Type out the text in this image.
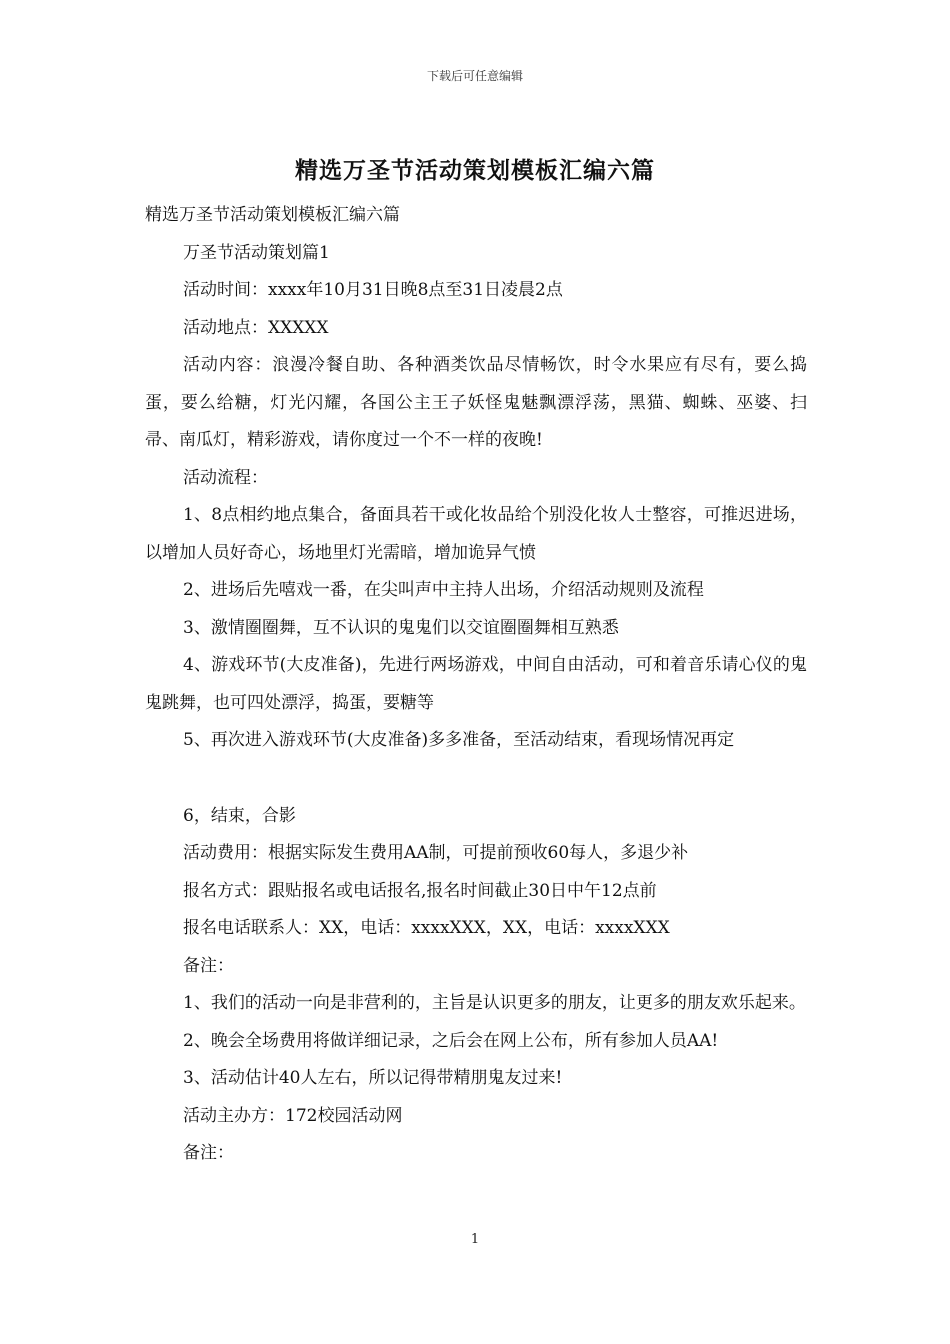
下载后可任意编辑
精选万圣节活动策划模板汇编六篇

精选万圣节活动策划模板汇编六篇

万圣节活动策划篇1

活动时间：xxxx年10月31日晚8点至31日凌晨2点

活动地点：XXXXX

活动内容：浪漫冷餐自助、各种酒类饮品尽情畅饮，时令水果应有尽有，要么捣蛋，要么给糖，灯光闪耀，各国公主王子妖怪鬼魅飘漂浮荡，黑猫、蜘蛛、巫婆、扫帚、南瓜灯，精彩游戏，请你度过一个不一样的夜晚!

活动流程：

1、8点相约地点集合，备面具若干或化妆品给个别没化妆人士整容，可推迟进场，以增加人员好奇心，场地里灯光需暗，增加诡异气愤

2、进场后先嘻戏一番，在尖叫声中主持人出场，介绍活动规则及流程

3、激情圈圈舞，互不认识的鬼鬼们以交谊圈圈舞相互熟悉

4、游戏环节(大皮准备)，先进行两场游戏，中间自由活动，可和着音乐请心仪的鬼鬼跳舞，也可四处漂浮，捣蛋，要糖等

5、再次进入游戏环节(大皮准备)多多准备，至活动结束，看现场情况再定

6，结束，合影

活动费用：根据实际发生费用AA制，可提前预收60每人，多退少补

报名方式：跟贴报名或电话报名,报名时间截止30日中午12点前

报名电话联系人：XX，电话：xxxxXXX，XX，电话：xxxxXXX

备注：

1、我们的活动一向是非营利的，主旨是认识更多的朋友，让更多的朋友欢乐起来。

2、晚会全场费用将做详细记录，之后会在网上公布，所有参加人员AA!

3、活动估计40人左右，所以记得带精朋鬼友过来!

活动主办方：172校园活动网

备注：

1
